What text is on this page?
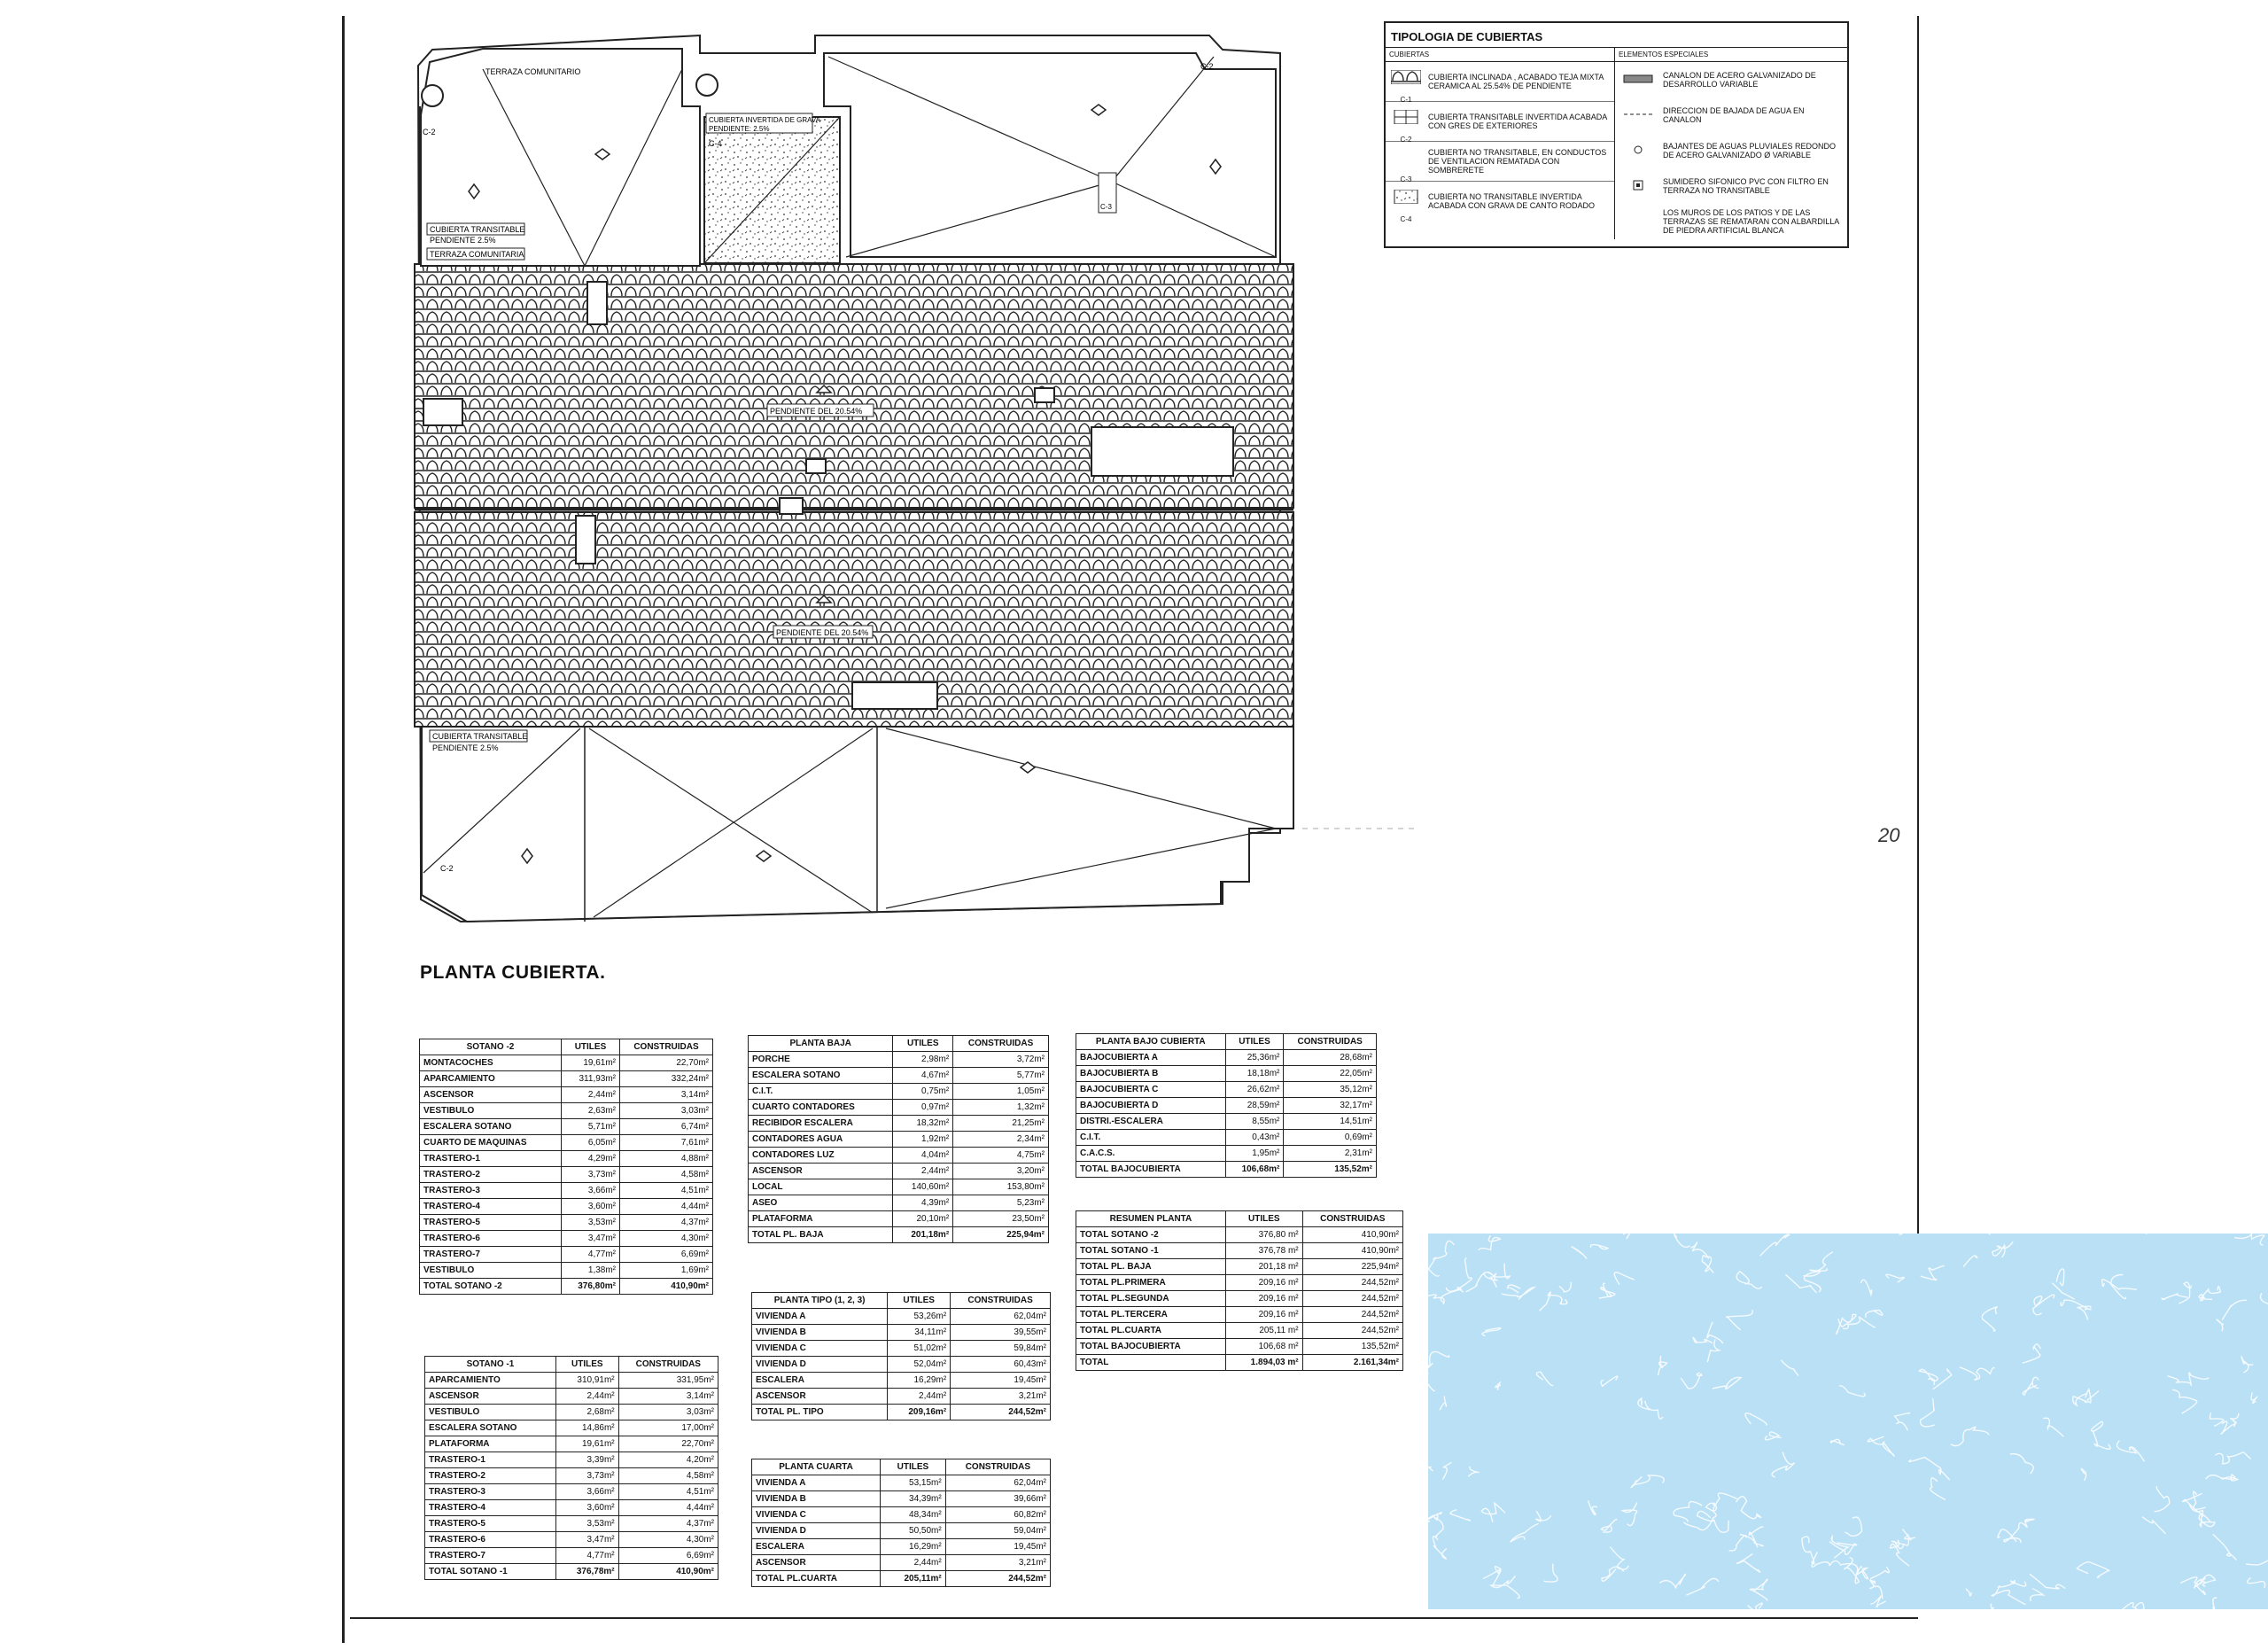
TERRAZA COMUNITARIO
C-2
CUBIERTA TRANSITABLE
PENDIENTE 2.5%
TERRAZA COMUNITARIA
CUBIERTA INVERTIDA DE GRAVA
PENDIENTE: 2.5%
C-4
C-2
C-3
CUBIERTA TRANSITABLE
PENDIENTE 2.5%
C-2
PENDIENTE DEL 20.54%
PENDIENTE DEL 20.54%
PLANTA CUBIERTA.
20
TIPOLOGIA DE CUBIERTAS
CUBIERTAS	ELEMENTOS ESPECIALES
C-1
CUBIERTA INCLINADA , ACABADO TEJA MIXTA CERAMICA AL 25.54% DE PENDIENTE
C-2
CUBIERTA TRANSITABLE INVERTIDA ACABADA CON GRES DE EXTERIORES
C-3
CUBIERTA NO TRANSITABLE, EN CONDUCTOS DE VENTILACION REMATADA CON SOMBRERETE
C-4
CUBIERTA NO TRANSITABLE INVERTIDA ACABADA CON GRAVA DE CANTO RODADO
CANALON DE ACERO GALVANIZADO DE DESARROLLO VARIABLE
DIRECCION DE BAJADA DE AGUA EN CANALON
BAJANTES DE AGUAS PLUVIALES REDONDO DE ACERO GALVANIZADO Ø VARIABLE
SUMIDERO SIFONICO PVC CON FILTRO EN TERRAZA NO TRANSITABLE
LOS MUROS DE LOS PATIOS Y DE LAS TERRAZAS SE REMATARAN CON ALBARDILLA DE PIEDRA ARTIFICIAL BLANCA
SOTANO -2	UTILES	CONSTRUIDAS
MONTACOCHES	19,61m²	22,70m²
APARCAMIENTO	311,93m²	332,24m²
ASCENSOR	2,44m²	3,14m²
VESTIBULO	2,63m²	3,03m²
ESCALERA SOTANO	5,71m²	6,74m²
CUARTO DE MAQUINAS	6,05m²	7,61m²
TRASTERO-1	4,29m²	4,88m²
TRASTERO-2	3,73m²	4,58m²
TRASTERO-3	3,66m²	4,51m²
TRASTERO-4	3,60m²	4,44m²
TRASTERO-5	3,53m²	4,37m²
TRASTERO-6	3,47m²	4,30m²
TRASTERO-7	4,77m²	6,69m²
VESTIBULO	1,38m²	1,69m²
TOTAL SOTANO -2	376,80m²	410,90m²
SOTANO -1	UTILES	CONSTRUIDAS
APARCAMIENTO	310,91m²	331,95m²
ASCENSOR	2,44m²	3,14m²
VESTIBULO	2,68m²	3,03m²
ESCALERA SOTANO	14,86m²	17,00m²
PLATAFORMA	19,61m²	22,70m²
TRASTERO-1	3,39m²	4,20m²
TRASTERO-2	3,73m²	4,58m²
TRASTERO-3	3,66m²	4,51m²
TRASTERO-4	3,60m²	4,44m²
TRASTERO-5	3,53m²	4,37m²
TRASTERO-6	3,47m²	4,30m²
TRASTERO-7	4,77m²	6,69m²
TOTAL SOTANO -1	376,78m²	410,90m²
PLANTA BAJA	UTILES	CONSTRUIDAS
PORCHE	2,98m²	3,72m²
ESCALERA SOTANO	4,67m²	5,77m²
C.I.T.	0,75m²	1,05m²
CUARTO CONTADORES	0,97m²	1,32m²
RECIBIDOR ESCALERA	18,32m²	21,25m²
CONTADORES AGUA	1,92m²	2,34m²
CONTADORES LUZ	4,04m²	4,75m²
ASCENSOR	2,44m²	3,20m²
LOCAL	140,60m²	153,80m²
ASEO	4,39m²	5,23m²
PLATAFORMA	20,10m²	23,50m²
TOTAL PL. BAJA	201,18m²	225,94m²
PLANTA TIPO (1, 2, 3)	UTILES	CONSTRUIDAS
VIVIENDA A	53,26m²	62,04m²
VIVIENDA B	34,11m²	39,55m²
VIVIENDA C	51,02m²	59,84m²
VIVIENDA D	52,04m²	60,43m²
ESCALERA	16,29m²	19,45m²
ASCENSOR	2,44m²	3,21m²
TOTAL PL. TIPO	209,16m²	244,52m²
PLANTA CUARTA	UTILES	CONSTRUIDAS
VIVIENDA A	53,15m²	62,04m²
VIVIENDA B	34,39m²	39,66m²
VIVIENDA C	48,34m²	60,82m²
VIVIENDA D	50,50m²	59,04m²
ESCALERA	16,29m²	19,45m²
ASCENSOR	2,44m²	3,21m²
TOTAL PL.CUARTA	205,11m²	244,52m²
PLANTA BAJO CUBIERTA	UTILES	CONSTRUIDAS
BAJOCUBIERTA A	25,36m²	28,68m²
BAJOCUBIERTA B	18,18m²	22,05m²
BAJOCUBIERTA C	26,62m²	35,12m²
BAJOCUBIERTA D	28,59m²	32,17m²
DISTRI.-ESCALERA	8,55m²	14,51m²
C.I.T.	0,43m²	0,69m²
C.A.C.S.	1,95m²	2,31m²
TOTAL BAJOCUBIERTA	106,68m²	135,52m²
RESUMEN PLANTA	UTILES	CONSTRUIDAS
TOTAL SOTANO -2	376,80 m²	410,90m²
TOTAL SOTANO -1	376,78 m²	410,90m²
TOTAL PL. BAJA	201,18 m²	225,94m²
TOTAL PL.PRIMERA	209,16 m²	244,52m²
TOTAL PL.SEGUNDA	209,16 m²	244,52m²
TOTAL PL.TERCERA	209,16 m²	244,52m²
TOTAL PL.CUARTA	205,11 m²	244,52m²
TOTAL BAJOCUBIERTA	106,68 m²	135,52m²
TOTAL	1.894,03 m²	2.161,34m²
